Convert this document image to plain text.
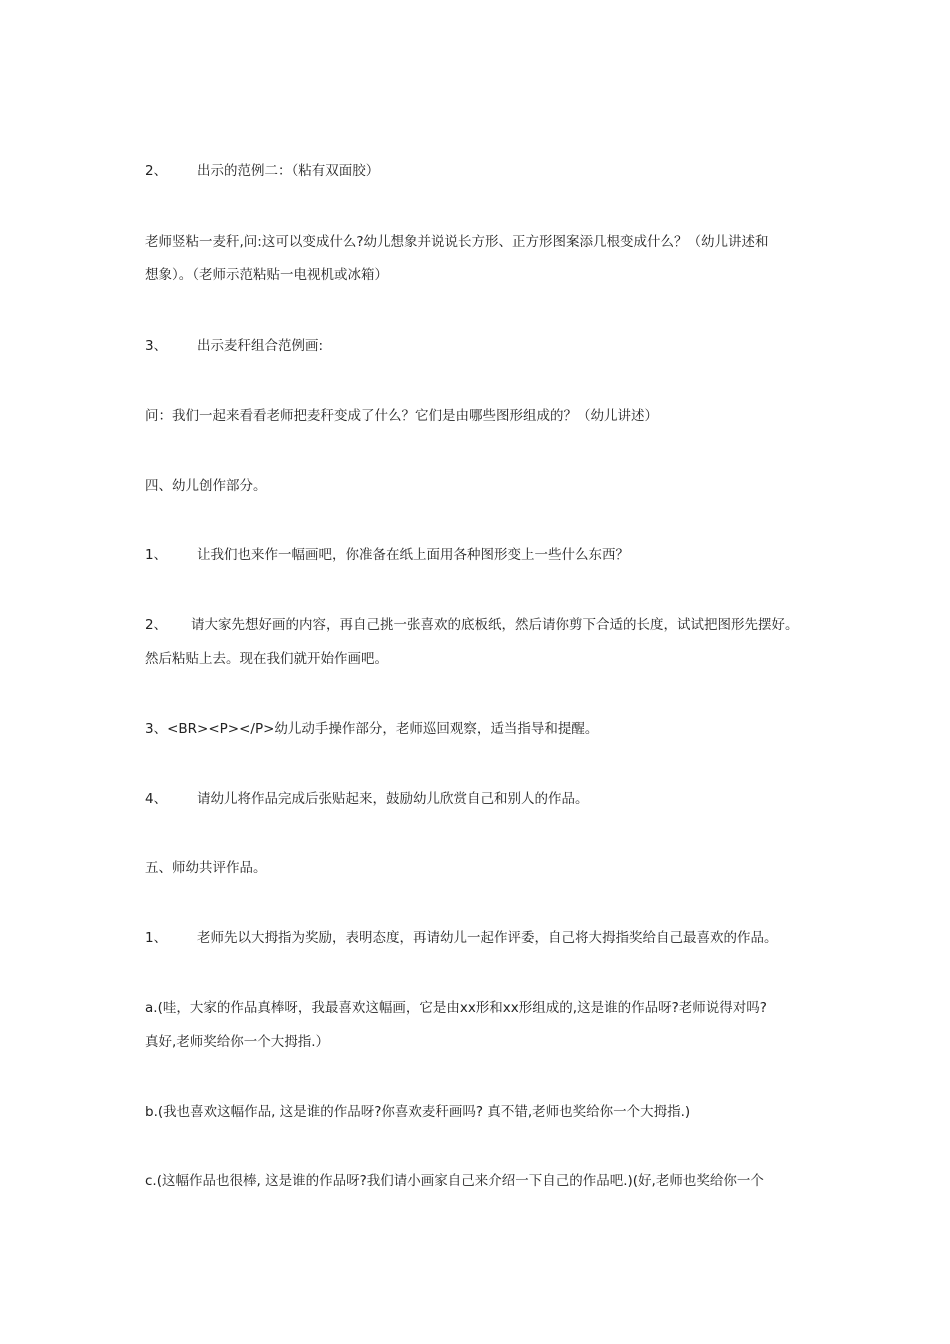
2、 出示的范例二：（粘有双面胶）
老师竖粘一麦秆,问:这可以变成什么?幼儿想象并说说长方形、正方形图案添几根变成什么？（幼儿讲述和
想象）。（老师示范粘贴一电视机或冰箱）
3、 出示麦秆组合范例画:
问：我们一起来看看老师把麦秆变成了什么？它们是由哪些图形组成的？（幼儿讲述）
四、幼儿创作部分。
1、 让我们也来作一幅画吧，你准备在纸上面用各种图形变上一些什么东西？
2、 请大家先想好画的内容，再自己挑一张喜欢的底板纸，然后请你剪下合适的长度，试试把图形先摆好。
然后粘贴上去。现在我们就开始作画吧。
3、<BR><P></P>幼儿动手操作部分，老师巡回观察，适当指导和提醒。
4、 请幼儿将作品完成后张贴起来，鼓励幼儿欣赏自己和别人的作品。
五、师幼共评作品。
1、 老师先以大拇指为奖励，表明态度，再请幼儿一起作评委，自己将大拇指奖给自己最喜欢的作品。
a.(哇，大家的作品真棒呀，我最喜欢这幅画，它是由xx形和xx形组成的,这是谁的作品呀?老师说得对吗?
真好,老师奖给你一个大拇指.）
b.(我也喜欢这幅作品, 这是谁的作品呀?你喜欢麦秆画吗? 真不错,老师也奖给你一个大拇指.)
c.(这幅作品也很棒, 这是谁的作品呀?我们请小画家自己来介绍一下自己的作品吧.)(好,老师也奖给你一个
